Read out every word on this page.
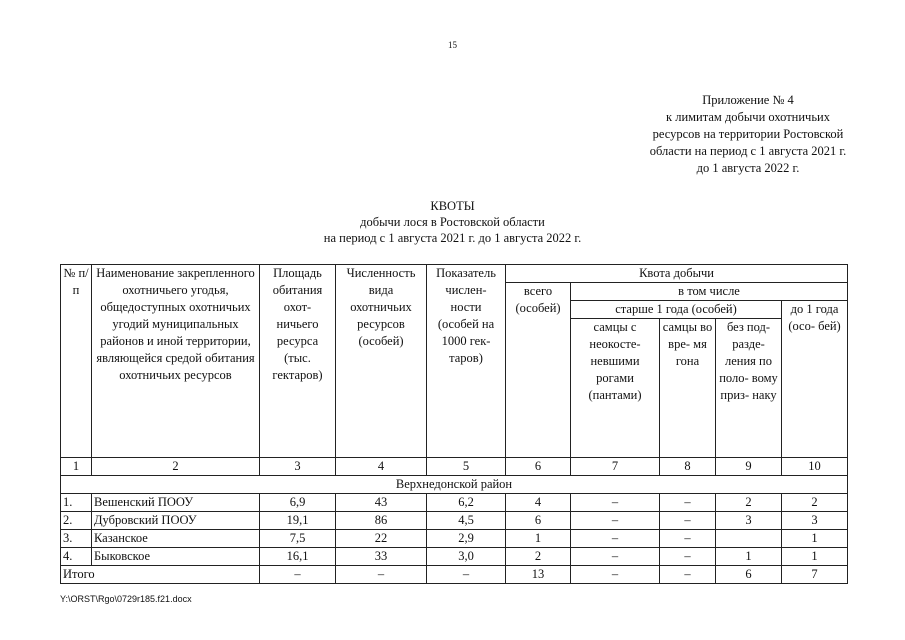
15
Приложение № 4
к лимитам добычи охотничьих
ресурсов на территории Ростовской
области на период с 1 августа 2021 г.
до 1 августа 2022 г.
КВОТЫ
добычи лося в Ростовской области
на период с 1 августа 2021 г. до 1 августа 2022 г.
№ п/п	Наименование закрепленного охотничьего угодья, общедоступных охотничьих угодий муниципальных районов и иной территории, являющейся средой обитания охотничьих ресурсов	Площадь обитания охот- ничьего ресурса (тыс. гектаров)	Численность вида охотничьих ресурсов (особей)	Показатель числен- ности (особей на 1000 гек- таров)	Квота добычи				
					всего (особей)	в том числе			
						старше 1 года (особей)			до 1 года (осо- бей)
						самцы с неокосте- невшими рогами (пантами)	самцы во вре- мя гона	без под- разде- ления по поло- вому приз- наку	
1	2	3	4	5	6	7	8	9	10
Верхнедонской район									
1.	Вешенский ПООУ	6,9	43	6,2	4	–	–	2	2
2.	Дубровский ПООУ	19,1	86	4,5	6	–	–	3	3
3.	Казанское	7,5	22	2,9	1	–	–		1
4.	Быковское	16,1	33	3,0	2	–	–	1	1
Итого		–	–	–	13	–	–	6	7
Y:\ORST\Rgo\0729r185.f21.docx
